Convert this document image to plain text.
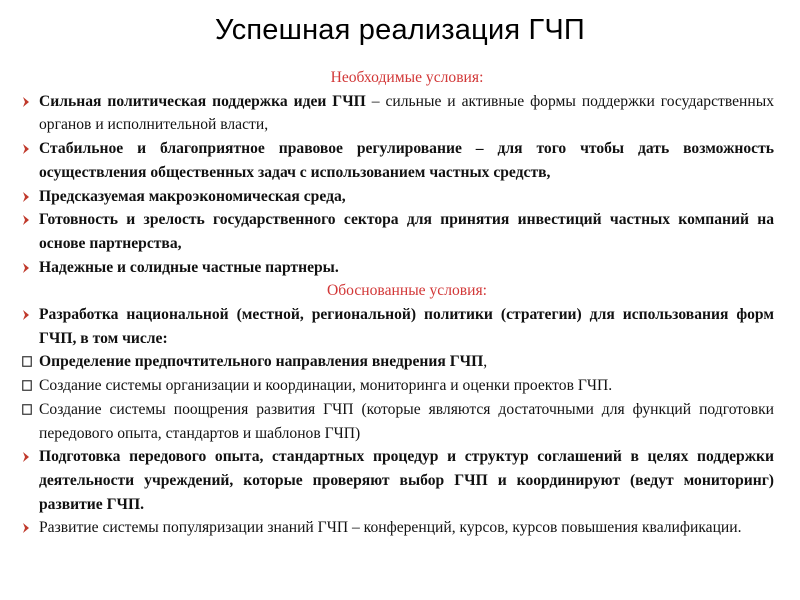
Успешная реализация ГЧП

Необходимые условия:

Сильная политическая поддержка идеи ГЧП – сильные и активные формы поддержки государственных органов и исполнительной власти,

Стабильное и благоприятное правовое регулирование – для того чтобы дать возможность осуществления общественных задач с использованием частных средств,

Предсказуемая макроэкономическая среда,

Готовность и зрелость государственного сектора для принятия инвестиций частных компаний на основе партнерства,

Надежные и солидные частные партнеры.

Обоснованные условия:

Разработка национальной (местной, региональной) политики (стратегии) для использования форм ГЧП, в том числе:

Определение предпочтительного направления внедрения ГЧП,

Создание системы организации и координации, мониторинга и оценки проектов ГЧП.

Создание системы поощрения развития ГЧП (которые являются достаточными для функций подготовки передового опыта, стандартов и шаблонов ГЧП)

Подготовка передового опыта, стандартных процедур и структур соглашений в целях поддержки деятельности учреждений, которые проверяют выбор ГЧП и координируют (ведут мониторинг) развитие ГЧП.

Развитие системы популяризации знаний ГЧП – конференций, курсов, курсов повышения квалификации.
